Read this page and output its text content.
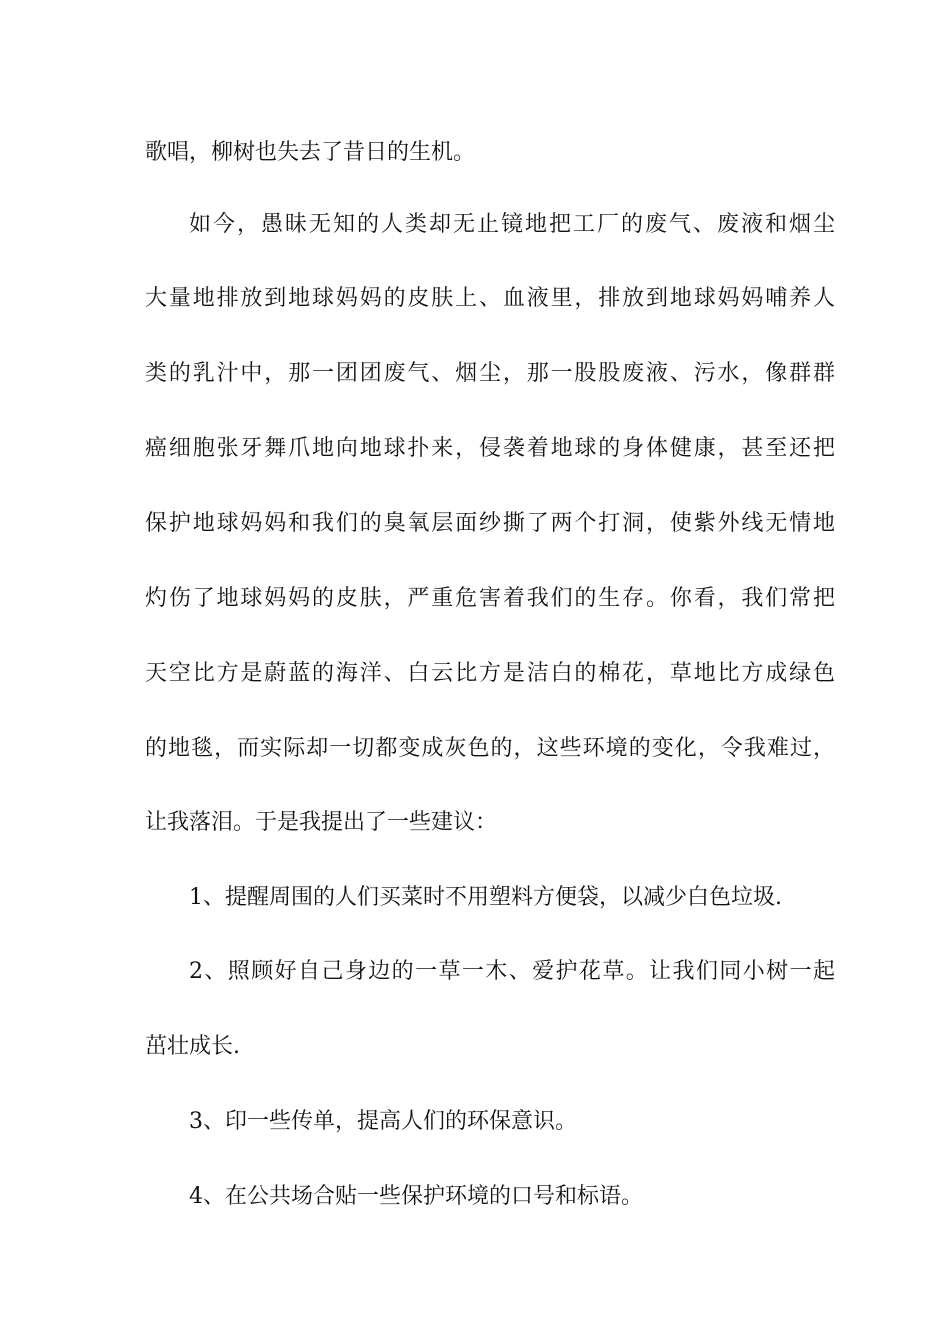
歌唱，柳树也失去了昔日的生机。
如今，愚昧无知的人类却无止镜地把工厂的废气、废液和烟尘
大量地排放到地球妈妈的皮肤上、血液里，排放到地球妈妈哺养人
类的乳汁中，那一团团废气、烟尘，那一股股废液、污水，像群群
癌细胞张牙舞爪地向地球扑来，侵袭着地球的身体健康，甚至还把
保护地球妈妈和我们的臭氧层面纱撕了两个打洞，使紫外线无情地
灼伤了地球妈妈的皮肤，严重危害着我们的生存。你看，我们常把
天空比方是蔚蓝的海洋、白云比方是洁白的棉花，草地比方成绿色
的地毯，而实际却一切都变成灰色的，这些环境的变化，令我难过，
让我落泪。于是我提出了一些建议：
1、提醒周围的人们买菜时不用塑料方便袋，以减少白色垃圾.
2、照顾好自己身边的一草一木、爱护花草。让我们同小树一起
茁壮成长.
3、印一些传单，提高人们的环保意识。
4、在公共场合贴一些保护环境的口号和标语。
